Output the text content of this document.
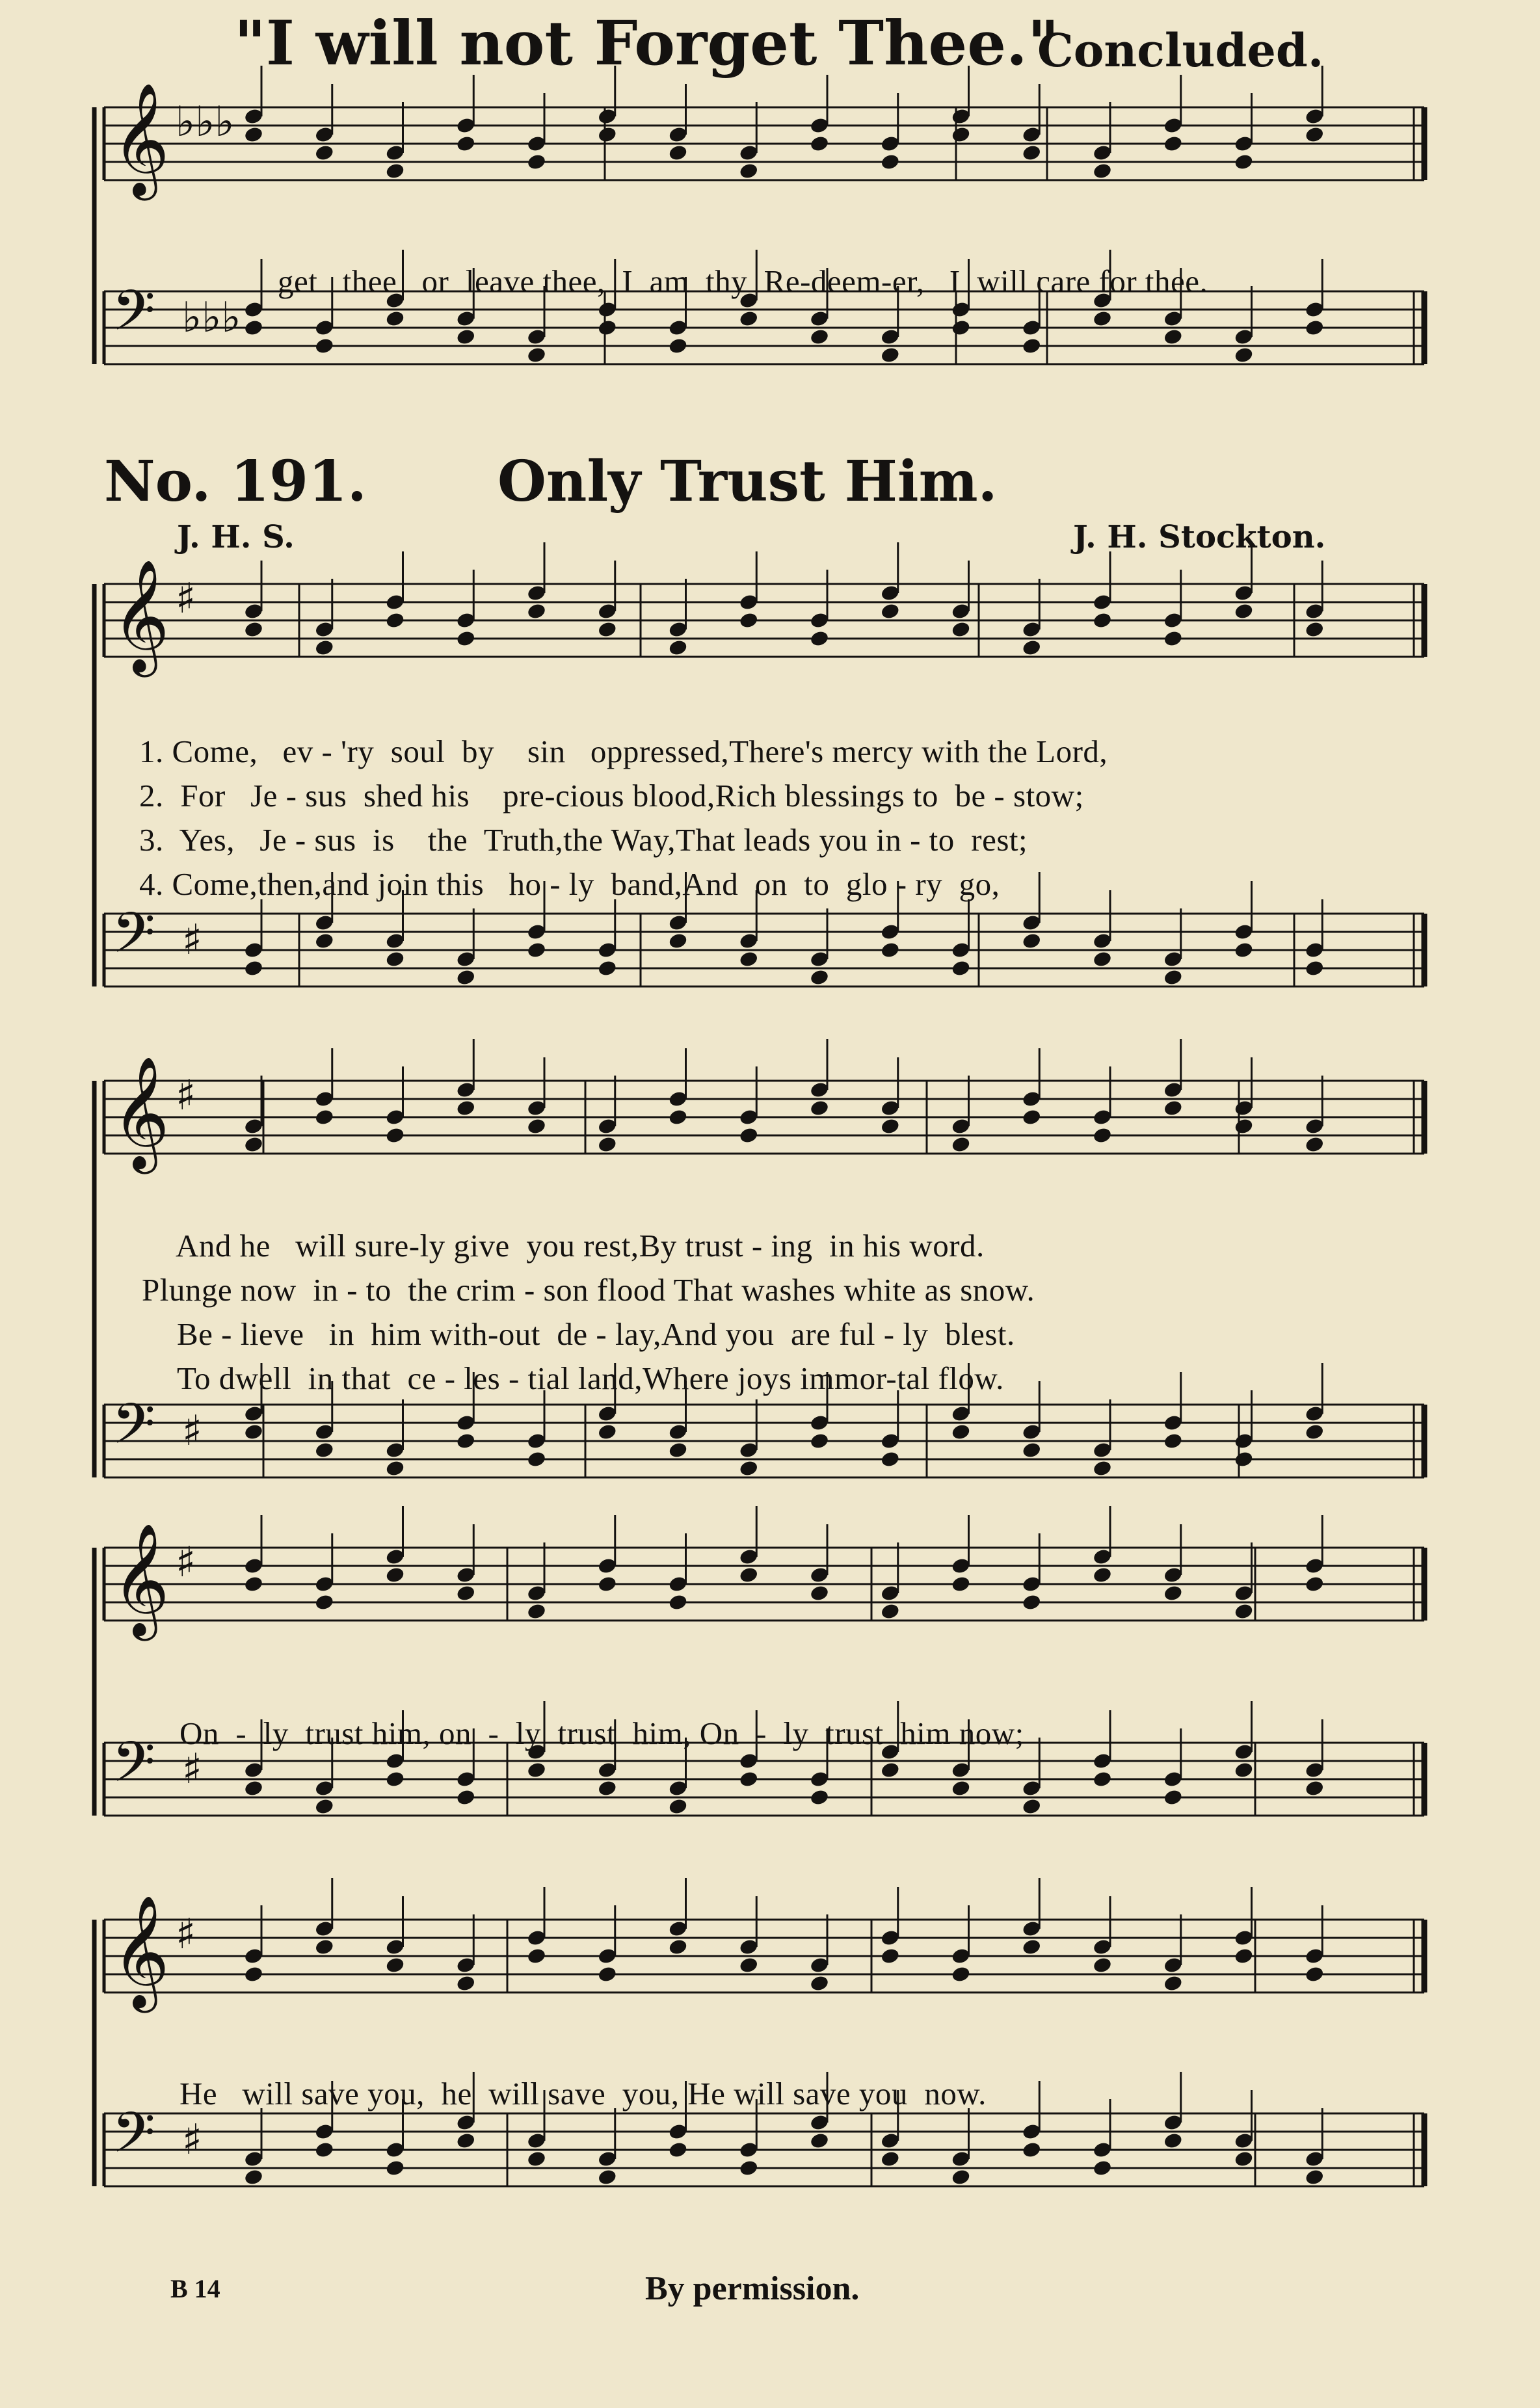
"I will not Forget Thee."
Concluded.
𝄞 ♭♭♭
𝄢 ♭♭♭
𝄞 ♯
𝄢 ♯
𝄞 ♯
𝄢 ♯
𝄞 ♯
𝄢 ♯
𝄞 ♯
𝄢 ♯

get thee or leave thee, I am thy Re-deem-er, I will care for thee.

No. 191. Only Trust Him.
J. H. S.	J. H. Stockton.

1. Come, ev - 'ry soul by sin oppressed,There's mercy with the Lord,

2. For Je - sus shed his pre-cious blood,Rich blessings to be - stow;

3. Yes, Je - sus is the Truth,the Way,That leads you in - to rest;

4. Come,then,and join this ho - ly band,And on to glo - ry go,

And he will sure-ly give you rest,By trust - ing in his word.

Plunge now in - to the crim - son flood That washes white as snow.

Be - lieve in him with-out de - lay,And you are ful - ly blest.

To dwell in that ce - les - tial land,Where joys immor-tal flow.

On - ly trust him, on - ly trust him, On - ly trust him now;

He will save you, he will save you, He will save you now.
B 14	By permission.
